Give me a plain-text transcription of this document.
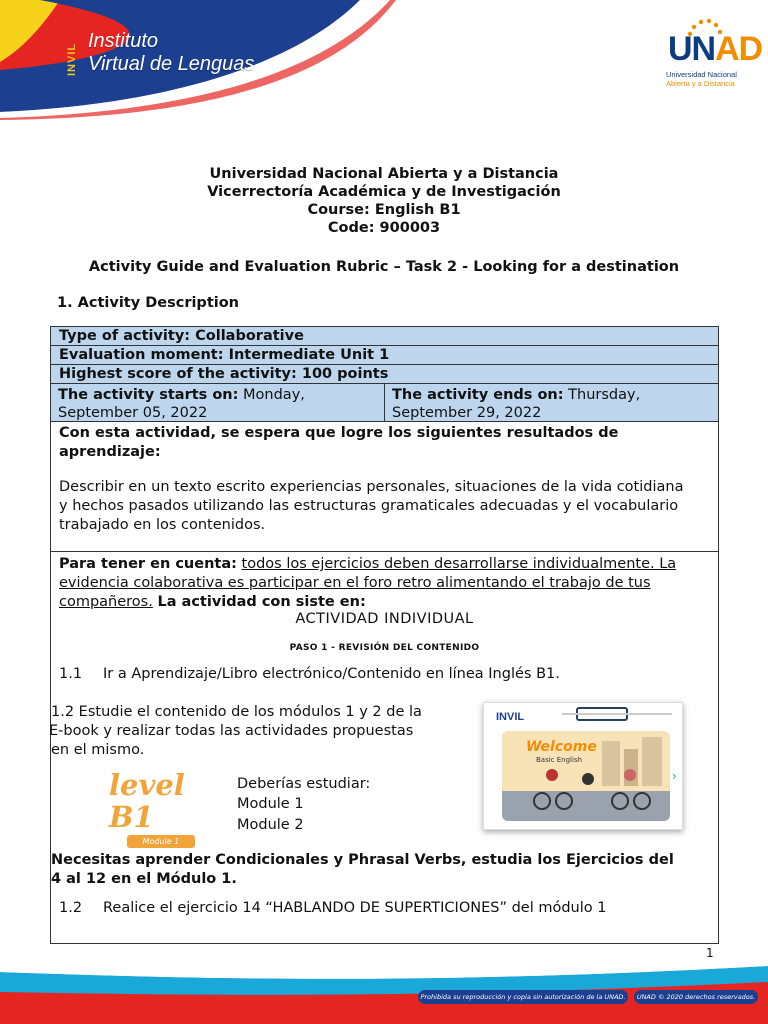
INVIL
Instituto
Virtual de Lenguas	UNAD
Universidad Nacional
Abierta y a Distancia
Universidad Nacional Abierta y a Distancia
Vicerrectoría Académica y de Investigación
Course: English B1
Code: 900003
Activity Guide and Evaluation Rubric – Task 2 - Looking for a destination
1. Activity Description
Type of activity: Collaborative
Evaluation moment: Intermediate Unit 1
Highest score of the activity: 100 points
The activity starts on: Monday,
September 05, 2022
The activity ends on: Thursday,
September 29, 2022
Con esta actividad, se espera que logre los siguientes resultados de
aprendizaje:
Describir en un texto escrito experiencias personales, situaciones de la vida cotidiana
y hechos pasados utilizando las estructuras gramaticales adecuadas y el vocabulario
trabajado en los contenidos.
Para tener en cuenta: todos los ejercicios deben desarrollarse individualmente. La
evidencia colaborativa es participar en el foro retro alimentando el trabajo de tus
compañeros. La actividad con siste en:
ACTIVIDAD INDIVIDUAL
PASO 1 - REVISIÓN DEL CONTENIDO
1.1 Ir a Aprendizaje/Libro electrónico/Contenido en línea Inglés B1.
1.2 Estudie el contenido de los módulos 1 y 2 de la
E-book y realizar todas las actividades propuestas
en el mismo.
level B1
Module 1
Deberías estudiar:
Module 1
Module 2
Necesitas aprender Condicionales y Phrasal Verbs, estudia los Ejercicios del
4 al 12 en el Módulo 1.
1.2 Realice el ejercicio 14 “HABLANDO DE SUPERTICIONES” del módulo 1
INVIL
Welcome
Basic English
›
1
Prohibida su reproducción y copia sin autorización de la UNAD.	UNAD © 2020 derechos reservados.
